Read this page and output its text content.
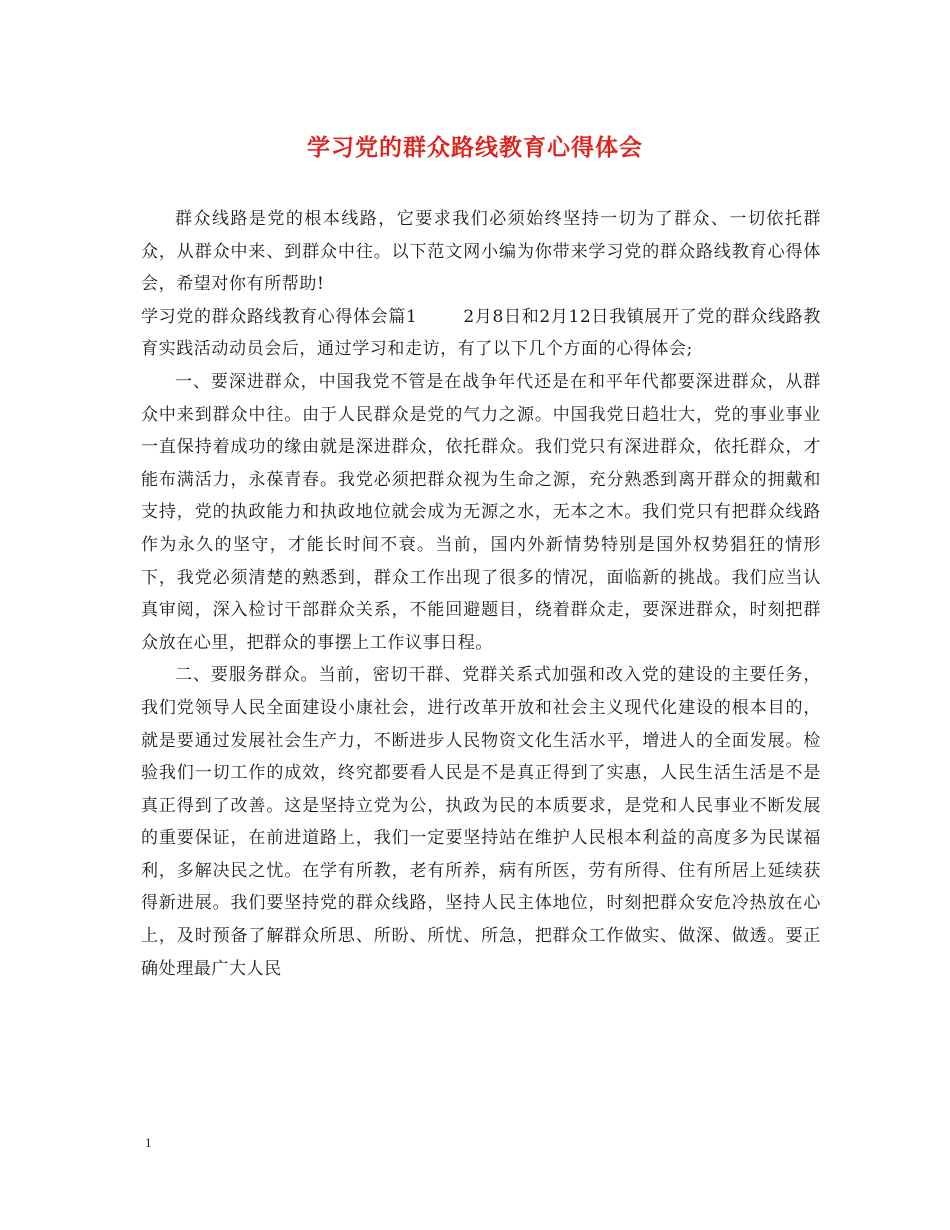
学习党的群众路线教育心得体会

群众线路是党的根本线路，它要求我们必须始终坚持一切为了群众、一切依托群众，从群众中来、到群众中往。以下范文网小编为你带来学习党的群众路线教育心得体会，希望对你有所帮助!

学习党的群众路线教育心得体会篇1	2月8日和2月12日我镇展开了党的群众线路教育实践活动动员会后，通过学习和走访，有了以下几个方面的心得体会;

一、要深进群众，中国我党不管是在战争年代还是在和平年代都要深进群众，从群众中来到群众中往。由于人民群众是党的气力之源。中国我党日趋壮大，党的事业事业一直保持着成功的缘由就是深进群众，依托群众。我们党只有深进群众，依托群众，才能布满活力，永葆青春。我党必须把群众视为生命之源，充分熟悉到离开群众的拥戴和支持，党的执政能力和执政地位就会成为无源之水，无本之木。我们党只有把群众线路作为永久的坚守，才能长时间不衰。当前，国内外新情势特别是国外权势猖狂的情形下，我党必须清楚的熟悉到，群众工作出现了很多的情况，面临新的挑战。我们应当认真审阅，深入检讨干部群众关系，不能回避题目，绕着群众走，要深进群众，时刻把群众放在心里，把群众的事摆上工作议事日程。

二、要服务群众。当前，密切干群、党群关系式加强和改入党的建设的主要任务，我们党领导人民全面建设小康社会，进行改革开放和社会主义现代化建设的根本目的，就是要通过发展社会生产力，不断进步人民物资文化生活水平，增进人的全面发展。检验我们一切工作的成效，终究都要看人民是不是真正得到了实惠，人民生活生活是不是真正得到了改善。这是坚持立党为公，执政为民的本质要求，是党和人民事业不断发展的重要保证，在前进道路上，我们一定要坚持站在维护人民根本利益的高度多为民谋福利，多解决民之忧。在学有所教，老有所养，病有所医，劳有所得、住有所居上延续获得新进展。我们要坚持党的群众线路，坚持人民主体地位，时刻把群众安危冷热放在心上，及时预备了解群众所思、所盼、所忧、所急，把群众工作做实、做深、做透。要正确处理最广大人民

1
